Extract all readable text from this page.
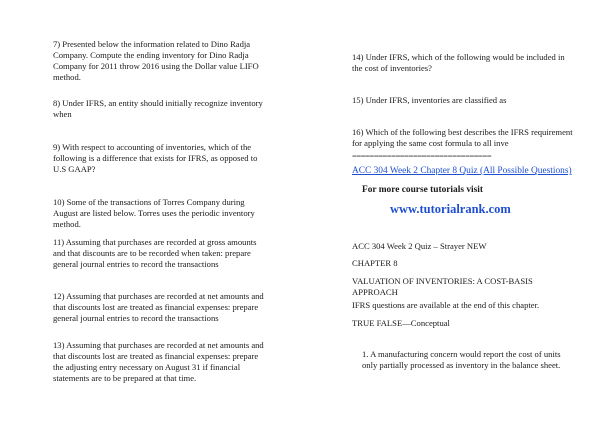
7) Presented below the information related to Dino Radja Company. Compute the ending inventory for Dino Radja Company for 2011 throw 2016 using the Dollar value LIFO method.

8) Under IFRS, an entity should initially recognize inventory when

9) With respect to accounting of inventories, which of the following is a difference that exists for IFRS, as opposed to U.S GAAP?

10) Some of the transactions of Torres Company during August are listed below. Torres uses the periodic inventory method.

11) Assuming that purchases are recorded at gross amounts and that discounts are to be recorded when taken: prepare general journal entries to record the transactions

12) Assuming that purchases are recorded at net amounts and that discounts lost are treated as financial expenses: prepare general journal entries to record the transactions

13) Assuming that purchases are recorded at net amounts and that discounts lost are treated as financial expenses: prepare the adjusting entry necessary on August 31 if financial statements are to be prepared at that time.

14) Under IFRS, which of the following would be included in the cost of inventories?

15) Under IFRS, inventories are classified as

16) Which of the following best describes the IFRS requirement for applying the same cost formula to all inve

================================
ACC 304 Week 2 Chapter 8 Quiz (All Possible Questions)
For more course tutorials visit
www.tutorialrank.com
ACC 304 Week 2 Quiz – Strayer NEW
CHAPTER 8
VALUATION OF INVENTORIES: A COST-BASIS APPROACH
IFRS questions are available at the end of this chapter.
TRUE FALSE—Conceptual
1. A manufacturing concern would report the cost of units only partially processed as inventory in the balance sheet.
